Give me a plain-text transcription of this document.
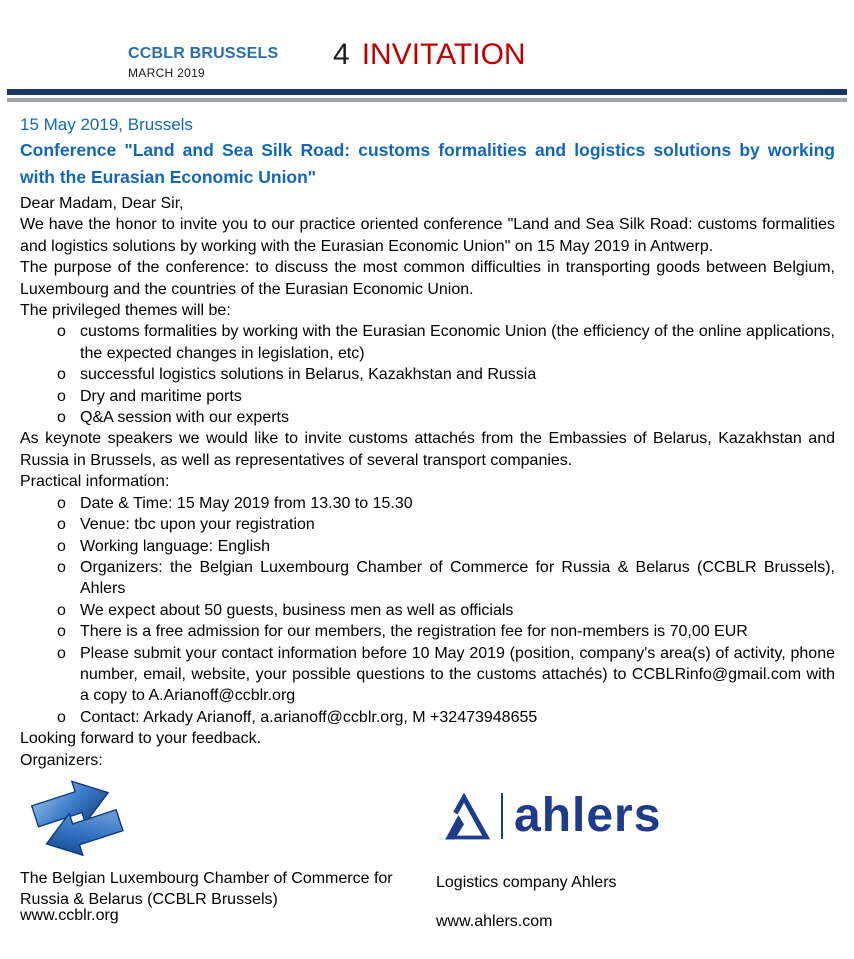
CCBLR BRUSSELS
MARCH 2019
4 INVITATION
15 May 2019, Brussels
Conference "Land and Sea Silk Road: customs formalities and logistics solutions by working with the Eurasian Economic Union"
Dear Madam, Dear Sir,
We have the honor to invite you to our practice oriented conference "Land and Sea Silk Road: customs formalities and logistics solutions by working with the Eurasian Economic Union" on 15 May 2019 in Antwerp.
The purpose of the conference: to discuss the most common difficulties in transporting goods between Belgium, Luxembourg and the countries of the Eurasian Economic Union.
The privileged themes will be:
o customs formalities by working with the Eurasian Economic Union (the efficiency of the online applications, the expected changes in legislation, etc)
o successful logistics solutions in Belarus, Kazakhstan and Russia
o Dry and maritime ports
o Q&A session with our experts
As keynote speakers we would like to invite customs attachés from the Embassies of Belarus, Kazakhstan and Russia in Brussels, as well as representatives of several transport companies.
Practical information:
o Date & Time: 15 May 2019 from 13.30 to 15.30
o Venue: tbc upon your registration
o Working language: English
o Organizers: the Belgian Luxembourg Chamber of Commerce for Russia & Belarus (CCBLR Brussels), Ahlers
o We expect about 50 guests, business men as well as officials
o There is a free admission for our members, the registration fee for non-members is 70,00 EUR
o Please submit your contact information before 10 May 2019 (position, company's area(s) of activity, phone number, email, website, your possible questions to the customs attachés) to CCBLRinfo@gmail.com with a copy to A.Arianoff@ccblr.org
o Contact: Arkady Arianoff, a.arianoff@ccblr.org, M +32473948655
Looking forward to your feedback.
Organizers:
ahlers
The Belgian Luxembourg Chamber of Commerce for Russia & Belarus (CCBLR Brussels)
www.ccblr.org
Logistics company Ahlers
www.ahlers.com
